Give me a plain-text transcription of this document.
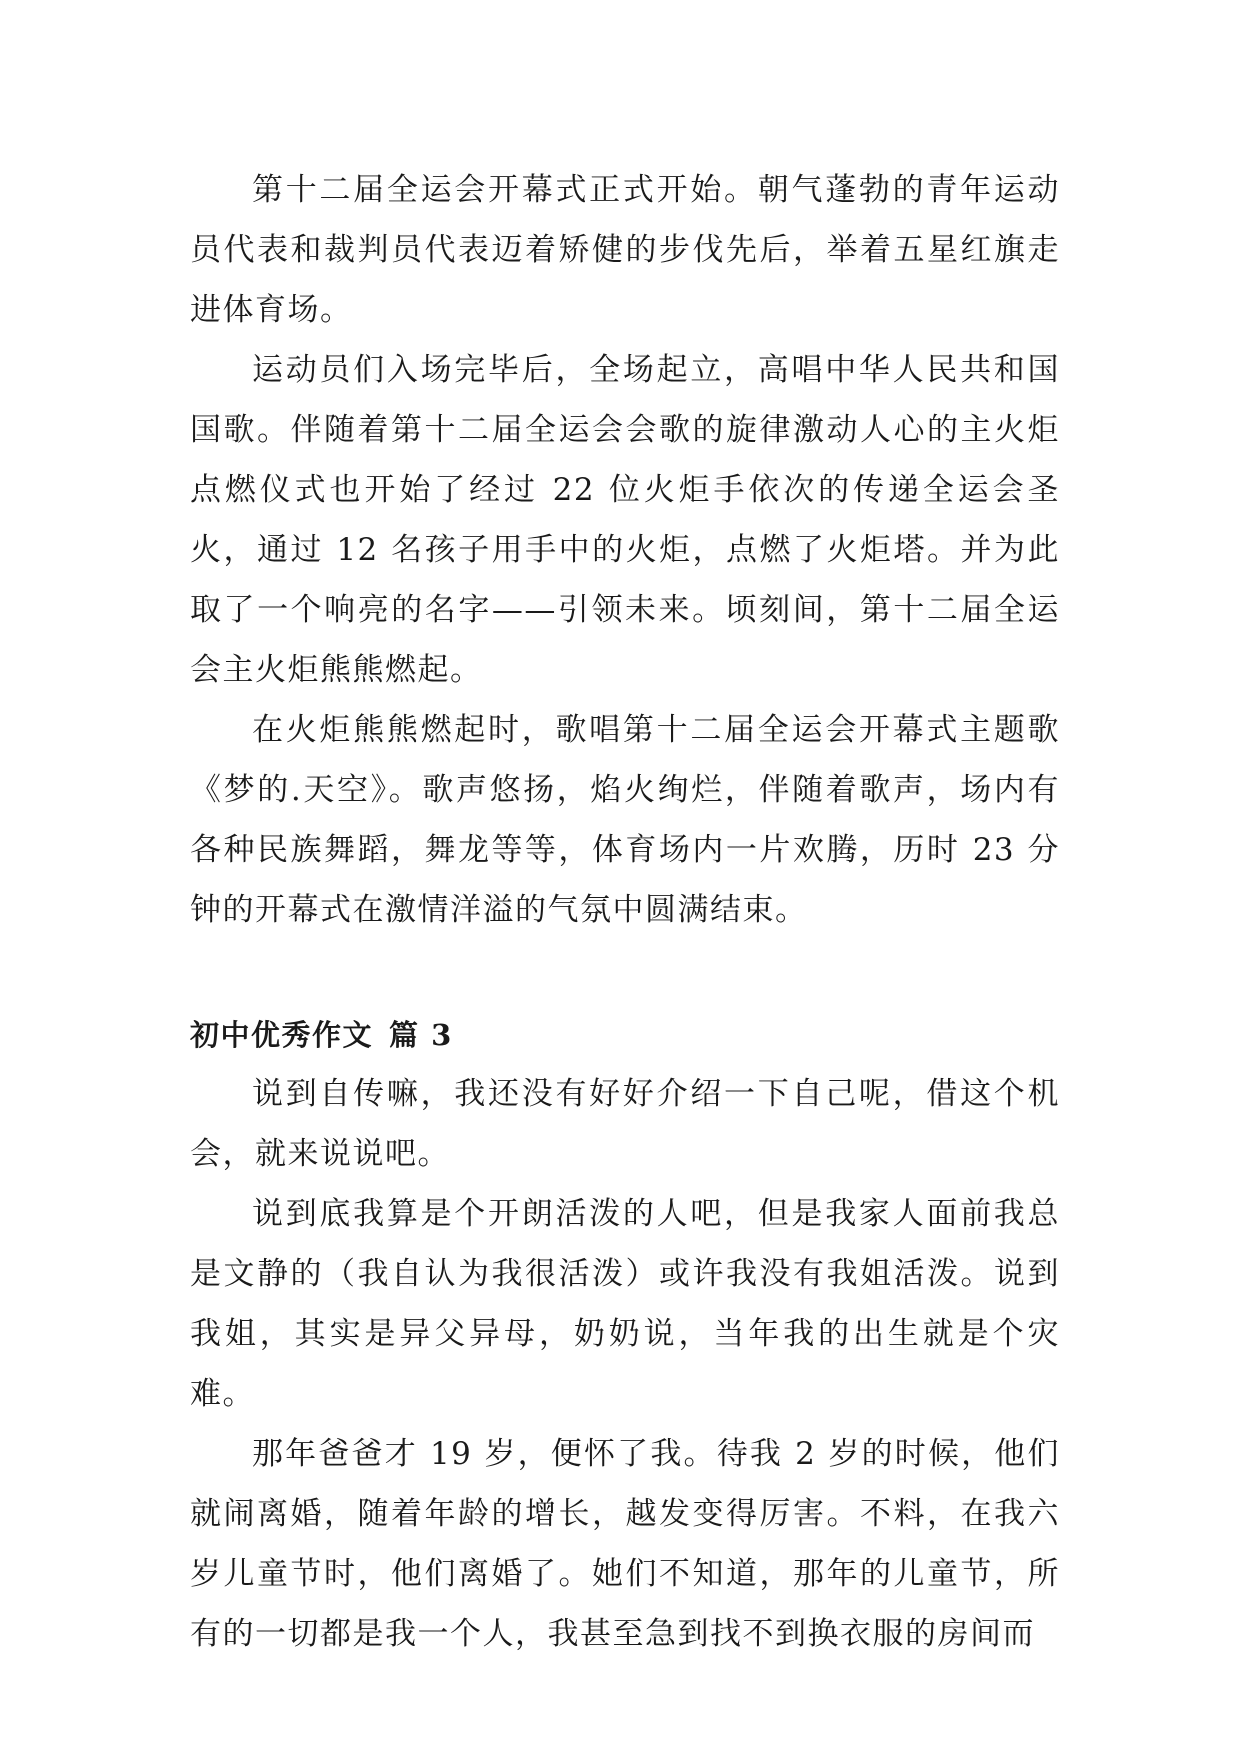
第十二届全运会开幕式正式开始。朝气蓬勃的青年运动员代表和裁判员代表迈着矫健的步伐先后，举着五星红旗走进体育场。

运动员们入场完毕后，全场起立，高唱中华人民共和国国歌。伴随着第十二届全运会会歌的旋律激动人心的主火炬点燃仪式也开始了经过 22 位火炬手依次的传递全运会圣火，通过 12 名孩子用手中的火炬，点燃了火炬塔。并为此取了一个响亮的名字——引领未来。顷刻间，第十二届全运会主火炬熊熊燃起。

在火炬熊熊燃起时，歌唱第十二届全运会开幕式主题歌《梦的.天空》。歌声悠扬，焰火绚烂，伴随着歌声，场内有各种民族舞蹈，舞龙等等，体育场内一片欢腾，历时 23 分钟的开幕式在激情洋溢的气氛中圆满结束。

初中优秀作文 篇 3

说到自传嘛，我还没有好好介绍一下自己呢，借这个机会，就来说说吧。

说到底我算是个开朗活泼的人吧，但是我家人面前我总是文静的（我自认为我很活泼）或许我没有我姐活泼。说到我姐，其实是异父异母，奶奶说，当年我的出生就是个灾难。

那年爸爸才 19 岁，便怀了我。待我 2 岁的时候，他们就闹离婚，随着年龄的增长，越发变得厉害。不料，在我六岁儿童节时，他们离婚了。她们不知道，那年的儿童节，所有的一切都是我一个人，我甚至急到找不到换衣服的房间而
